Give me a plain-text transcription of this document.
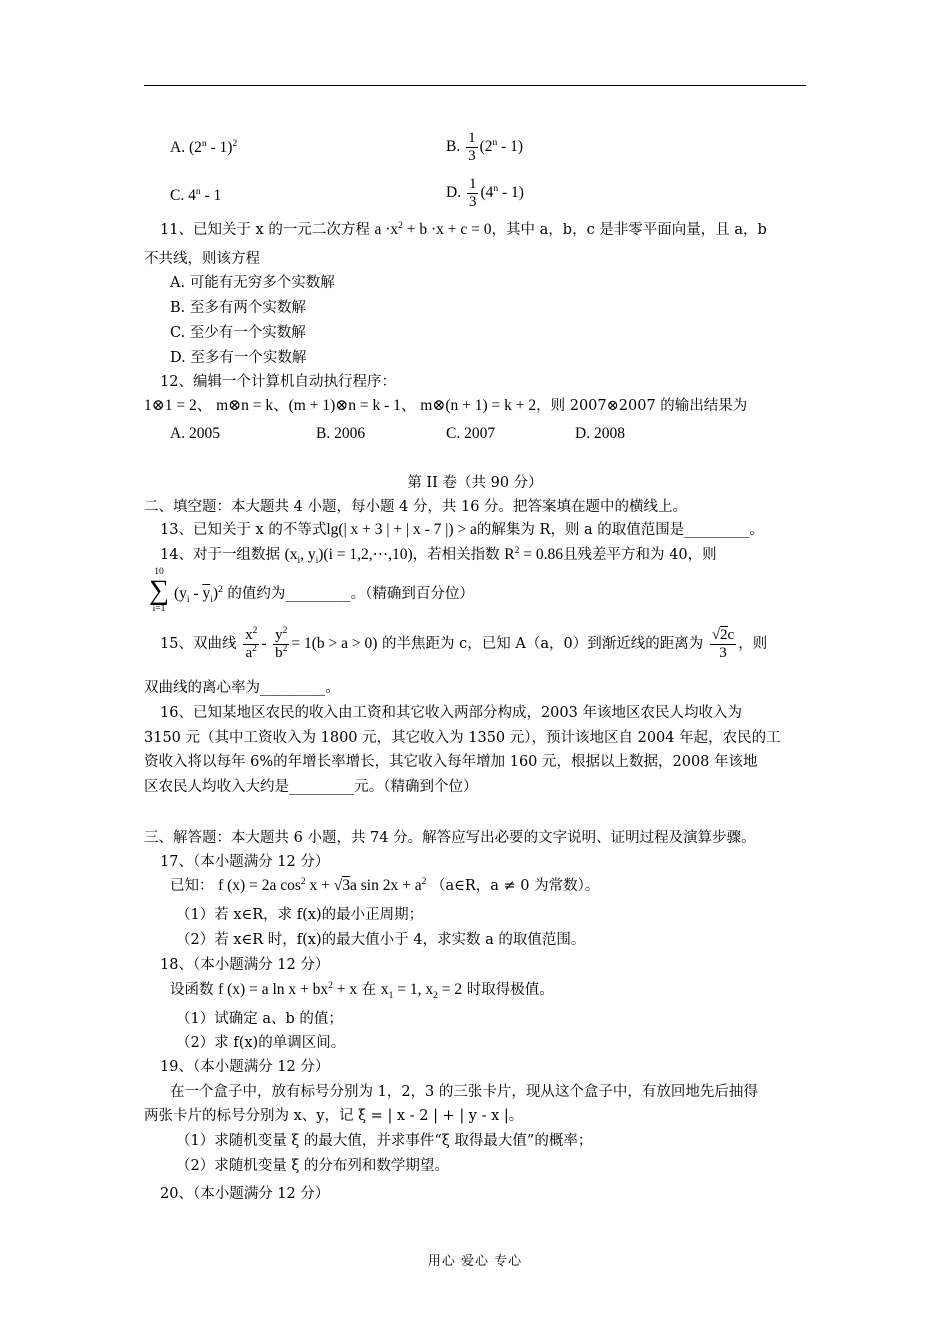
A. (2$^n$ - 1)$^2$	B. $\frac{1}{3} (2^n - 1)$
C. 4$^n$ - 1	D. $\frac{1}{3} (4^n - 1)$
11、已知关于 x 的一元二次方程 $a \cdot x^2 + b \cdot x + c = 0$，其中 a，b，c 是非零平面向量，且 a，b
不共线，则该方程
A. 可能有无穷多个实数解
B. 至多有两个实数解
C. 至少有一个实数解
D. 至多有一个实数解
12、编辑一个计算机自动执行程序：
1⊗1 = 2、 m⊗n = k、(m + 1)⊗n = k - 1、 m⊗(n + 1) = k + 2，则 2007⊗2007 的输出结果为
A. 2005	B. 2006	C. 2007	D. 2008
第 II 卷（共 90 分）
二、填空题：本大题共 4 小题，每小题 4 分，共 16 分。把答案填在题中的横线上。
13、已知关于 x 的不等式lg(| x + 3 | + | x - 7 |) > a的解集为 R，则 a 的取值范围是_________。
14、对于一组数据 ($x_i$, $y_i)(i$ = 1,2,⋯,10)，若相关指数 $R^2 = 0.86$且残差平方和为 40，则
10
∑
i=1
$(y_i - \overline{y}_i)^2$ 的值约为_________。（精确到百分位）
15、双曲线 $\frac{x^2}{a^2} - \frac{y^2}{b^2} = 1(b > a > 0)$ 的半焦距为 c，已知 A（a，0）到渐近线的距离为 $\frac{√2c}{3}$ ，则
双曲线的离心率为_________。
16、已知某地区农民的收入由工资和其它收入两部分构成，2003 年该地区农民人均收入为
3150 元（其中工资收入为 1800 元，其它收入为 1350 元），预计该地区自 2004 年起，农民的工
资收入将以每年 6%的年增长率增长，其它收入每年增加 160 元，根据以上数据，2008 年该地
区农民人均收入大约是_________元。（精确到个位）
三、解答题：本大题共 6 小题，共 74 分。解答应写出必要的文字说明、证明过程及演算步骤。
17、（本小题满分 12 分）
已知： f (x) = 2a $\cos^2 x + √3a$ $\sin 2x + a^2$ （a∈R，a ≠ 0 为常数）。
（1）若 x∈R，求 f(x)的最小正周期；
（2）若 x∈R 时，f(x)的最大值小于 4，求实数 a 的取值范围。
18、（本小题满分 12 分）
设函数 f (x) = a $\ln x + bx^2 + x$ 在 $x_1 = 1$, $x_2 = 2$ 时取得极值。
（1）试确定 a、b 的值；
（2）求 f(x)的单调区间。
19、（本小题满分 12 分）
在一个盒子中，放有标号分别为 1，2，3 的三张卡片，现从这个盒子中，有放回地先后抽得
两张卡片的标号分别为 x、y，记 ξ = | x - 2 | + | y - x |。
（1）求随机变量 ξ 的最大值，并求事件“ξ 取得最大值”的概率；
（2）求随机变量 ξ 的分布列和数学期望。
20、（本小题满分 12 分）
用心 爱心 专心
